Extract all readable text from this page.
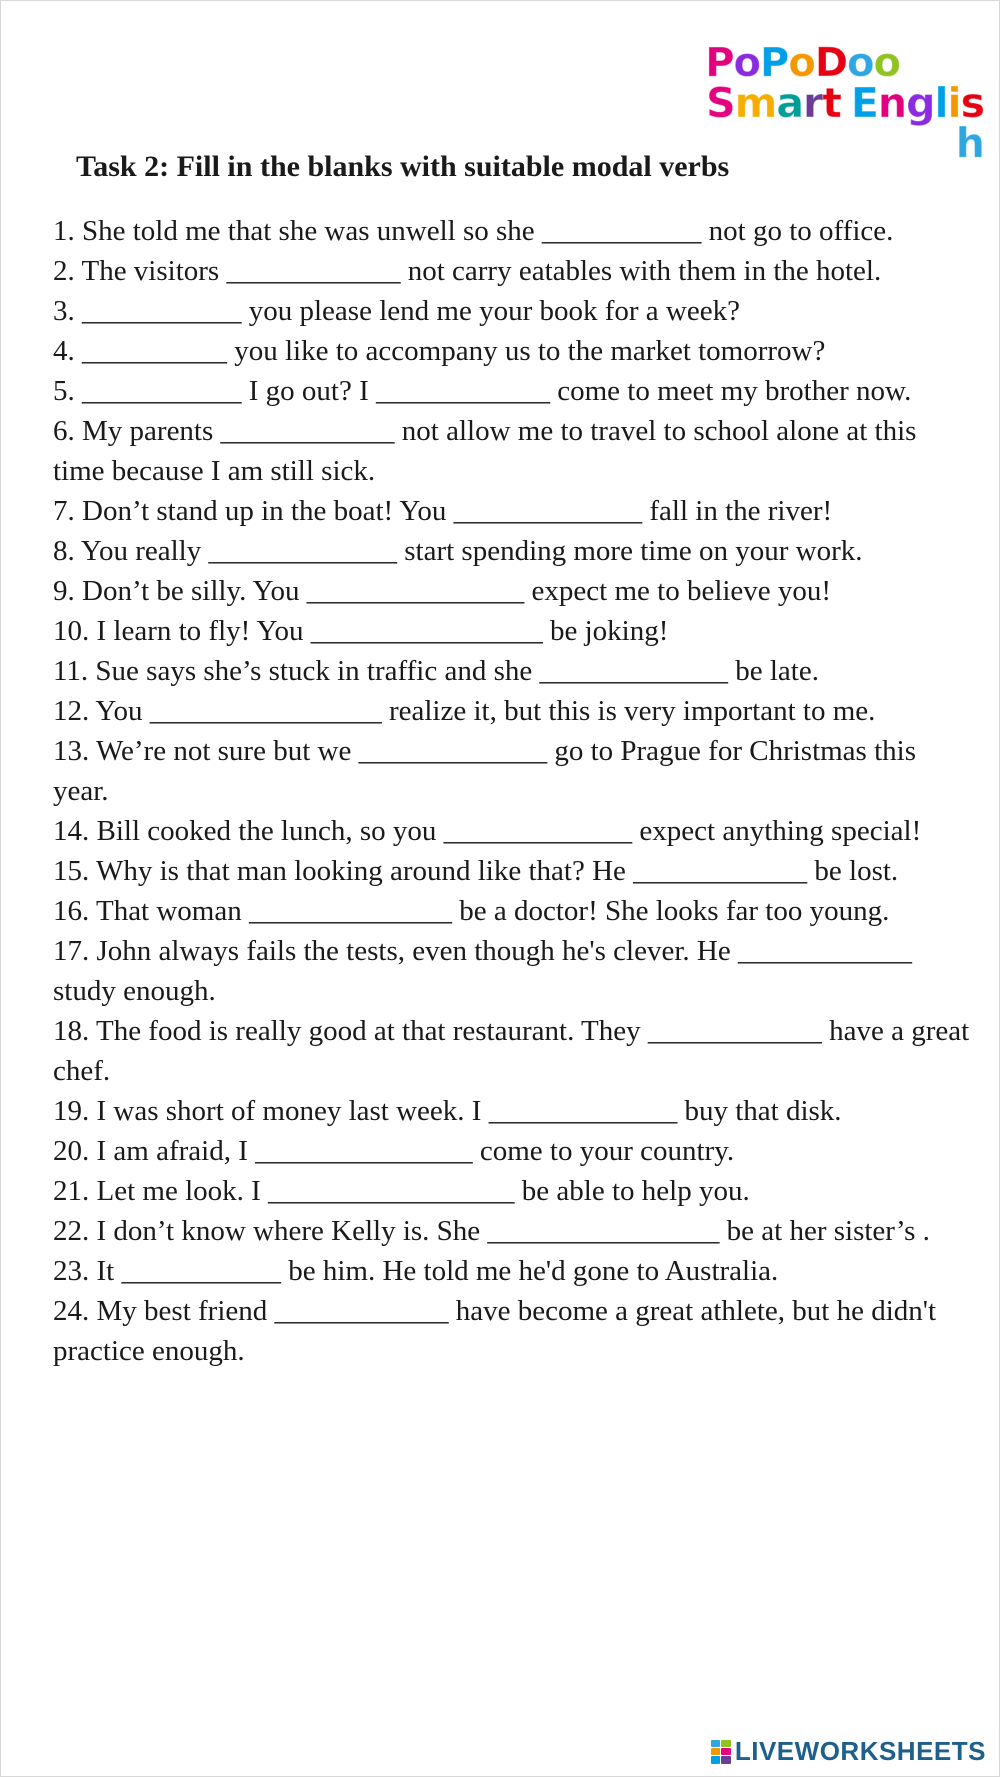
PoPoDoo
Smart English
Task 2: Fill in the blanks with suitable modal verbs

1. She told me that she was unwell so she ___________ not go to office.

2. The visitors ____________ not carry eatables with them in the hotel.

3. ___________ you please lend me your book for a week?

4. __________ you like to accompany us to the market tomorrow?

5. ___________ I go out? I ____________ come to meet my brother now.

6. My parents ____________ not allow me to travel to school alone at this time because I am still sick.

7. Don’t stand up in the boat! You _____________ fall in the river!

8. You really _____________ start spending more time on your work.

9. Don’t be silly. You _______________ expect me to believe you!

10. I learn to fly! You ________________ be joking!

11. Sue says she’s stuck in traffic and she _____________ be late.

12. You ________________ realize it, but this is very important to me.

13. We’re not sure but we _____________ go to Prague for Christmas this year.

14. Bill cooked the lunch, so you _____________ expect anything special!

15. Why is that man looking around like that? He ____________ be lost.

16. That woman ______________ be a doctor! She looks far too young.

17. John always fails the tests, even though he's clever. He ____________ study enough.

18. The food is really good at that restaurant. They ____________ have a great chef.

19. I was short of money last week. I _____________ buy that disk.

20. I am afraid, I _______________ come to your country.

21. Let me look. I _________________ be able to help you.

22. I don’t know where Kelly is. She ________________ be at her sister’s .

23. It ___________ be him. He told me he'd gone to Australia.

24. My best friend ____________ have become a great athlete, but he didn't practice enough.

LIVEWORKSHEETS
